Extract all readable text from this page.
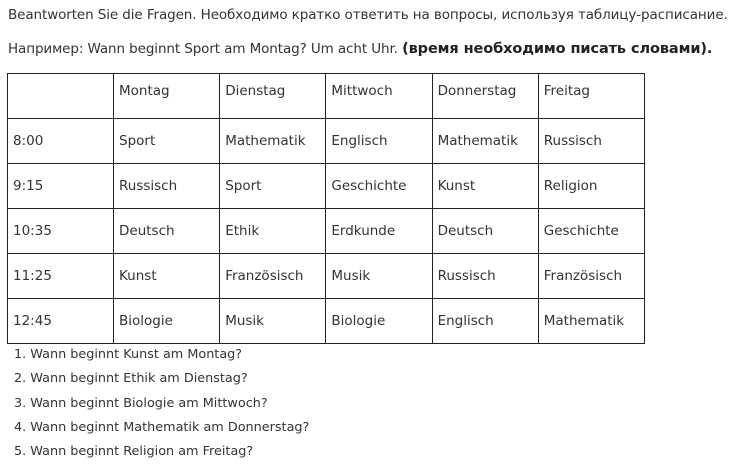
Beantworten Sie die Fragen. Необходимо кратко ответить на вопросы, используя таблицу-расписание.
Например: Wann beginnt Sport am Montag? Um acht Uhr. (время необходимо писать словами).
	Montag	Dienstag	Mittwoch	Donnerstag	Freitag
8:00	Sport	Mathematik	Englisch	Mathematik	Russisch
9:15	Russisch	Sport	Geschichte	Kunst	Religion
10:35	Deutsch	Ethik	Erdkunde	Deutsch	Geschichte
11:25	Kunst	Französisch	Musik	Russisch	Französisch
12:45	Biologie	Musik	Biologie	Englisch	Mathematik
1. Wann beginnt Kunst am Montag?
2. Wann beginnt Ethik am Dienstag?
3. Wann beginnt Biologie am Mittwoch?
4. Wann beginnt Mathematik am Donnerstag?
5. Wann beginnt Religion am Freitag?
